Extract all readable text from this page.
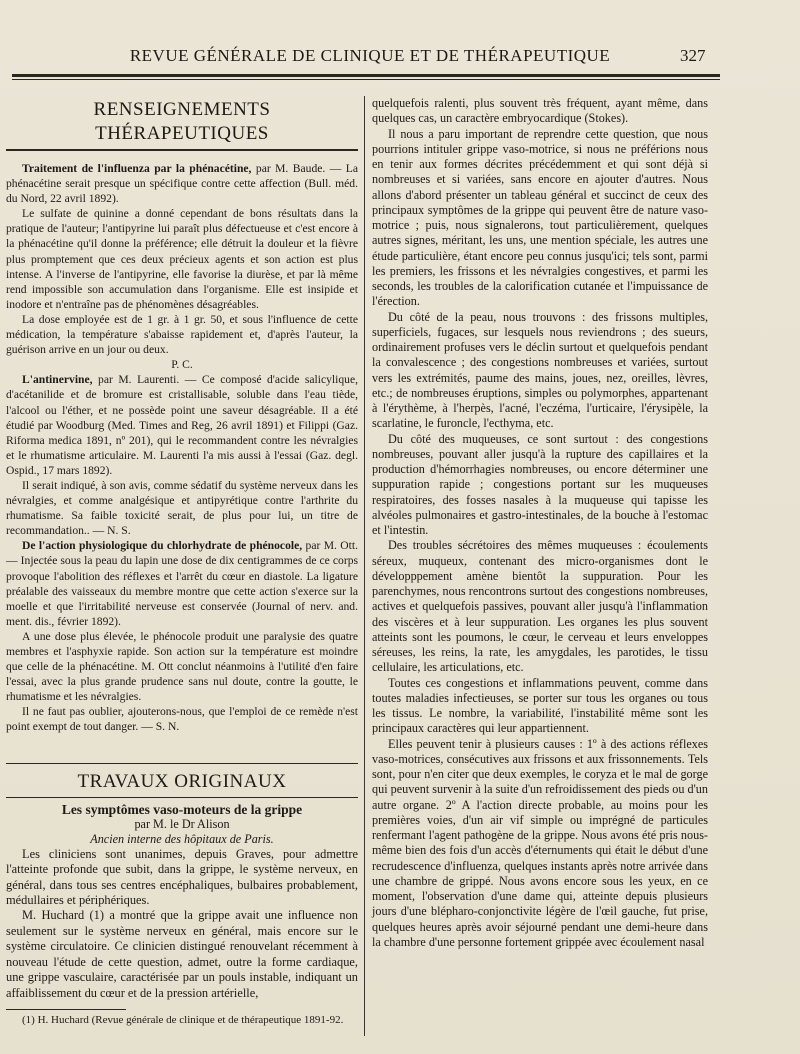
REVUE GÉNÉRALE DE CLINIQUE ET DE THÉRAPEUTIQUE	327
RENSEIGNEMENTS THÉRAPEUTIQUES

Traitement de l'influenza par la phénacétine, par M. Baude. — La phénacétine serait presque un spécifique contre cette affection (Bull. méd. du Nord, 22 avril 1892).

Le sulfate de quinine a donné cependant de bons résultats dans la pratique de l'auteur; l'antipyrine lui paraît plus défectueuse et c'est encore à la phénacétine qu'il donne la préférence; elle détruit la douleur et la fièvre plus promptement que ces deux précieux agents et son action est plus intense. A l'inverse de l'antipyrine, elle favorise la diurèse, et par là même rend impossible son accumulation dans l'organisme. Elle est insipide et inodore et n'entraîne pas de phénomènes désagréables.

La dose employée est de 1 gr. à 1 gr. 50, et sous l'influence de cette médication, la température s'abaisse rapidement et, d'après l'auteur, la guérison arrive en un jour ou deux.

P. C.

L'antinervine, par M. Laurenti. — Ce composé d'acide salicylique, d'acétanilide et de bromure est cristallisable, soluble dans l'eau tiède, l'alcool ou l'éther, et ne possède point une saveur désagréable. Il a été étudié par Woodburg (Med. Times and Reg, 26 avril 1891) et Filippi (Gaz. Riforma medica 1891, nº 201), qui le recommandent contre les névralgies et le rhumatisme articulaire. M. Laurenti l'a mis aussi à l'essai (Gaz. degl. Ospid., 17 mars 1892).

Il serait indiqué, à son avis, comme sédatif du système nerveux dans les névralgies, et comme analgésique et antipyrétique contre l'arthrite du rhumatisme. Sa faible toxicité serait, de plus pour lui, un titre de recommandation.. — N. S.

De l'action physiologique du chlorhydrate de phénocole, par M. Ott. — Injectée sous la peau du lapin une dose de dix centigrammes de ce corps provoque l'abolition des réflexes et l'arrêt du cœur en diastole. La ligature préalable des vaisseaux du membre montre que cette action s'exerce sur la moelle et que l'irritabilité nerveuse est conservée (Journal of nerv. and. ment. dis., février 1892).

A une dose plus élevée, le phénocole produit une paralysie des quatre membres et l'asphyxie rapide. Son action sur la température est moindre que celle de la phénacétine. M. Ott conclut néanmoins à l'utilité d'en faire l'essai, avec la plus grande prudence sans nul doute, contre la goutte, le rhumatisme et les névralgies.

Il ne faut pas oublier, ajouterons-nous, que l'emploi de ce remède n'est point exempt de tout danger. — S. N.

TRAVAUX ORIGINAUX

Les symptômes vaso-moteurs de la grippe

par M. le Dr Alison

Ancien interne des hôpitaux de Paris.

Les cliniciens sont unanimes, depuis Graves, pour admettre l'atteinte profonde que subit, dans la grippe, le système nerveux, en général, dans tous ses centres encéphaliques, bulbaires probablement, médullaires et périphériques.

M. Huchard (1) a montré que la grippe avait une influence non seulement sur le système nerveux en général, mais encore sur le système circulatoire. Ce clinicien distingué renouvelant récemment à nouveau l'étude de cette question, admet, outre la forme cardiaque, une grippe vasculaire, caractérisée par un pouls instable, indiquant un affaiblissement du cœur et de la pression artérielle,

(1) H. Huchard (Revue générale de clinique et de thérapeutique 1891-92.

quelquefois ralenti, plus souvent très fréquent, ayant même, dans quelques cas, un caractère embryocardique (Stokes).

Il nous a paru important de reprendre cette question, que nous pourrions intituler grippe vaso-motrice, si nous ne préférions nous en tenir aux formes décrites précédemment et qui sont déjà si nombreuses et si variées, sans encore en ajouter d'autres. Nous allons d'abord présenter un tableau général et succinct de ceux des principaux symptômes de la grippe qui peuvent être de nature vaso-motrice ; puis, nous signalerons, tout particulièrement, quelques autres signes, méritant, les uns, une mention spéciale, les autres une étude particulière, étant encore peu connus jusqu'ici; tels sont, parmi les premiers, les frissons et les névralgies congestives, et parmi les seconds, les troubles de la calorification cutanée et l'impuissance de l'érection.

Du côté de la peau, nous trouvons : des frissons multiples, superficiels, fugaces, sur lesquels nous reviendrons ; des sueurs, ordinairement profuses vers le déclin surtout et quelquefois pendant la convalescence ; des congestions nombreuses et variées, surtout vers les extrémités, paume des mains, joues, nez, oreilles, lèvres, etc.; de nombreuses éruptions, simples ou polymorphes, appartenant à l'érythème, à l'herpès, l'acné, l'eczéma, l'urticaire, l'érysipèle, la scarlatine, le furoncle, l'ecthyma, etc.

Du côté des muqueuses, ce sont surtout : des congestions nombreuses, pouvant aller jusqu'à la rupture des capillaires et la production d'hémorrhagies nombreuses, ou encore déterminer une suppuration rapide ; congestions portant sur les muqueuses respiratoires, des fosses nasales à la muqueuse qui tapisse les alvéoles pulmonaires et gastro-intestinales, de la bouche à l'estomac et l'intestin.

Des troubles sécrétoires des mêmes muqueuses : écoulements séreux, muqueux, contenant des micro-organismes dont le développpement amène bientôt la suppuration. Pour les parenchymes, nous rencontrons surtout des congestions nombreuses, actives et quelquefois passives, pouvant aller jusqu'à l'inflammation des viscères et à leur suppuration. Les organes les plus souvent atteints sont les poumons, le cœur, le cerveau et leurs enveloppes séreuses, les reins, la rate, les amygdales, les parotides, le tissu cellulaire, les articulations, etc.

Toutes ces congestions et inflammations peuvent, comme dans toutes maladies infectieuses, se porter sur tous les organes ou tous les tissus. Le nombre, la variabilité, l'instabilité même sont les principaux caractères qui leur appartiennent.

Elles peuvent tenir à plusieurs causes : 1º à des actions réflexes vaso-motrices, consécutives aux frissons et aux frissonnements. Tels sont, pour n'en citer que deux exemples, le coryza et le mal de gorge qui peuvent survenir à la suite d'un refroidissement des pieds ou d'un autre organe. 2º A l'action directe probable, au moins pour les premières voies, d'un air vif simple ou imprégné de particules renfermant l'agent pathogène de la grippe. Nous avons été pris nous-même bien des fois d'un accès d'éternuments qui était le début d'une recrudescence d'influenza, quelques instants après notre arrivée dans une chambre de grippé. Nous avons encore sous les yeux, en ce moment, l'observation d'une dame qui, atteinte depuis plusieurs jours d'une blépharo-conjonctivite légère de l'œil gauche, fut prise, quelques heures après avoir séjourné pendant une demi-heure dans la chambre d'une personne fortement grippée avec écoulement nasal
